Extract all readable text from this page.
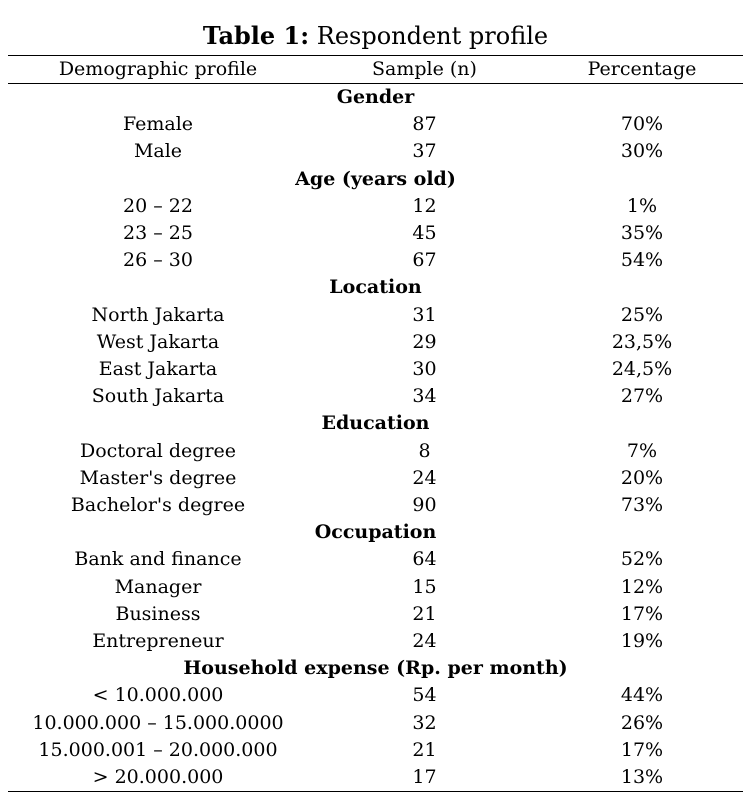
Table 1: Respondent profile
Demographic profile	Sample (n)	Percentage
Gender		
Female	87	70%
Male	37	30%
Age (years old)		
20 – 22	12	1%
23 – 25	45	35%
26 – 30	67	54%
Location		
North Jakarta	31	25%
West Jakarta	29	23,5%
East Jakarta	30	24,5%
South Jakarta	34	27%
Education		
Doctoral degree	8	7%
Master's degree	24	20%
Bachelor's degree	90	73%
Occupation		
Bank and finance	64	52%
Manager	15	12%
Business	21	17%
Entrepreneur	24	19%
Household expense (Rp. per month)		
< 10.000.000	54	44%
10.000.000 – 15.000.0000	32	26%
15.000.001 – 20.000.000	21	17%
> 20.000.000	17	13%
